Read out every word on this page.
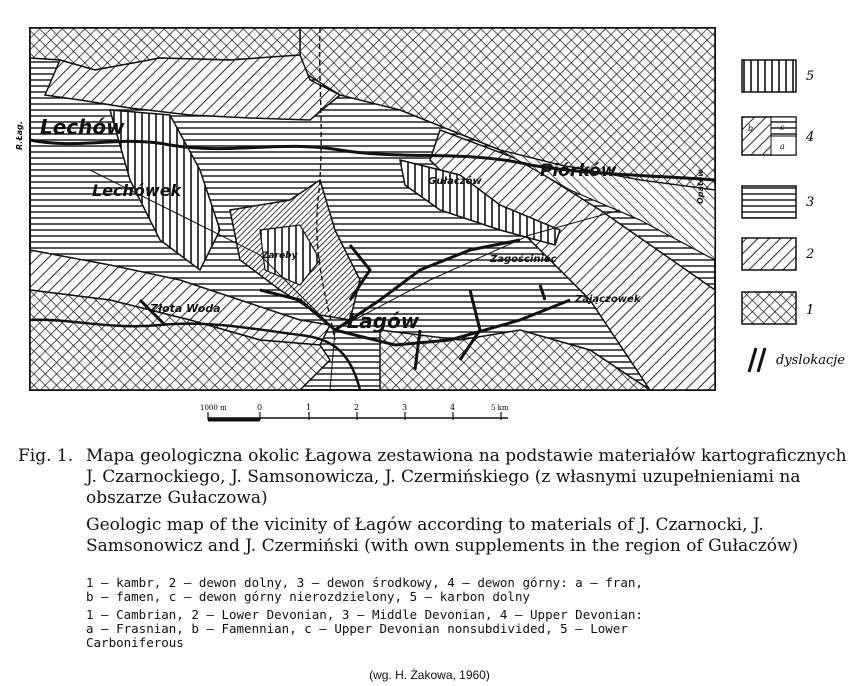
Lechów
Lechówek
Piórków
Gułaczów
Zagościniec
Zajączowek
Zaręby
Złota Woda
Łagów
R.Łag.
Opatów
5
b
a
c
4
3
2
1
dyslokacje
1000 m	0	1	2	3	4	5 km
Fig. 1. Mapa geologiczna okolic Łagowa zestawiona na podstawie materiałów kartograficznych J. Czarnockiego, J. Samsonowicza, J. Czermińskiego (z własnymi uzupełnieniami na obszarze Gułaczowa)

Geologic map of the vicinity of Łagów according to materials of J. Czarnocki, J. Samsonowicz and J. Czermiński (with own supplements in the region of Gułaczów)

1 — kambr, 2 — dewon dolny, 3 — dewon środkowy, 4 — dewon górny: a — fran,
b — famen, c — dewon górny nierozdzielony, 5 — karbon dolny

1 — Cambrian, 2 — Lower Devonian, 3 — Middle Devonian, 4 — Upper Devonian:
a — Frasnian, b — Famennian, c — Upper Devonian nonsubdivided, 5 — Lower
Carboniferous

(wg. H. Żakowa, 1960)
